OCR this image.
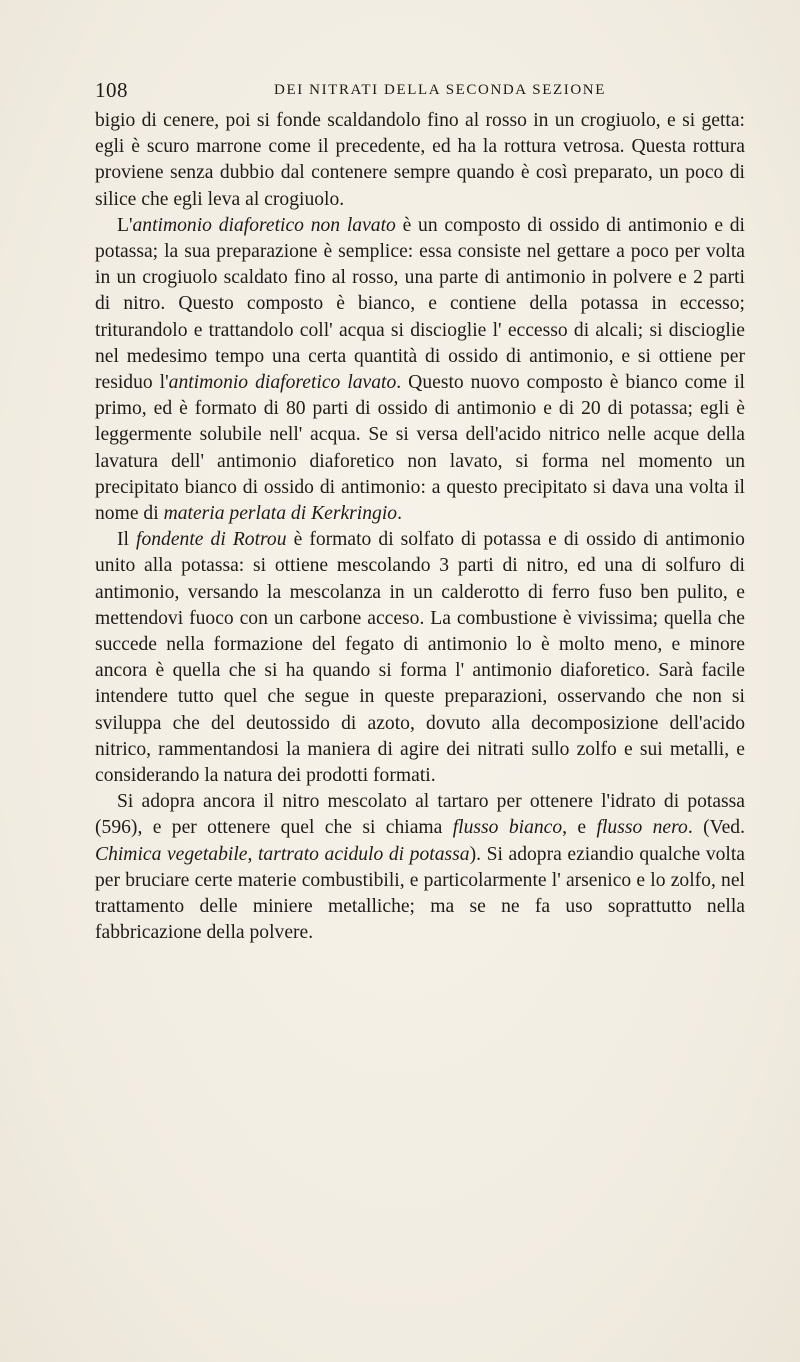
108	DEI NITRATI DELLA SECONDA SEZIONE

bigio di cenere, poi si fonde scaldandolo fino al rosso in un crogiuolo, e si getta: egli è scuro marrone come il precedente, ed ha la rottura vetrosa. Questa rottura proviene senza dubbio dal contenere sempre quando è così preparato, un poco di silice che egli leva al crogiuolo.

L'antimonio diaforetico non lavato è un composto di ossido di antimonio e di potassa; la sua preparazione è semplice: essa consiste nel gettare a poco per volta in un crogiuolo scaldato fino al rosso, una parte di antimonio in polvere e 2 parti di nitro. Questo composto è bianco, e contiene della potassa in eccesso; triturandolo e trattandolo coll' acqua si discioglie l' eccesso di alcali; si discioglie nel medesimo tempo una certa quantità di ossido di antimonio, e si ottiene per residuo l'antimonio diaforetico lavato. Questo nuovo composto è bianco come il primo, ed è formato di 80 parti di ossido di antimonio e di 20 di potassa; egli è leggermente solubile nell' acqua. Se si versa dell'acido nitrico nelle acque della lavatura dell' antimonio diaforetico non lavato, si forma nel momento un precipitato bianco di ossido di antimonio: a questo precipitato si dava una volta il nome di materia perlata di Kerkringio.

Il fondente di Rotrou è formato di solfato di potassa e di ossido di antimonio unito alla potassa: si ottiene mescolando 3 parti di nitro, ed una di solfuro di antimonio, versando la mescolanza in un calderotto di ferro fuso ben pulito, e mettendovi fuoco con un carbone acceso. La combustione è vivissima; quella che succede nella formazione del fegato di antimonio lo è molto meno, e minore ancora è quella che si ha quando si forma l' antimonio diaforetico. Sarà facile intendere tutto quel che segue in queste preparazioni, osservando che non si sviluppa che del deutossido di azoto, dovuto alla decomposizione dell'acido nitrico, rammentandosi la maniera di agire dei nitrati sullo zolfo e sui metalli, e considerando la natura dei prodotti formati.

Si adopra ancora il nitro mescolato al tartaro per ottenere l'idrato di potassa (596), e per ottenere quel che si chiama flusso bianco, e flusso nero. (Ved. Chimica vegetabile, tartrato acidulo di potassa). Si adopra eziandio qualche volta per bruciare certe materie combustibili, e particolarmente l' arsenico e lo zolfo, nel trattamento delle miniere metalliche; ma se ne fa uso soprattutto nella fabbricazione della polvere.
